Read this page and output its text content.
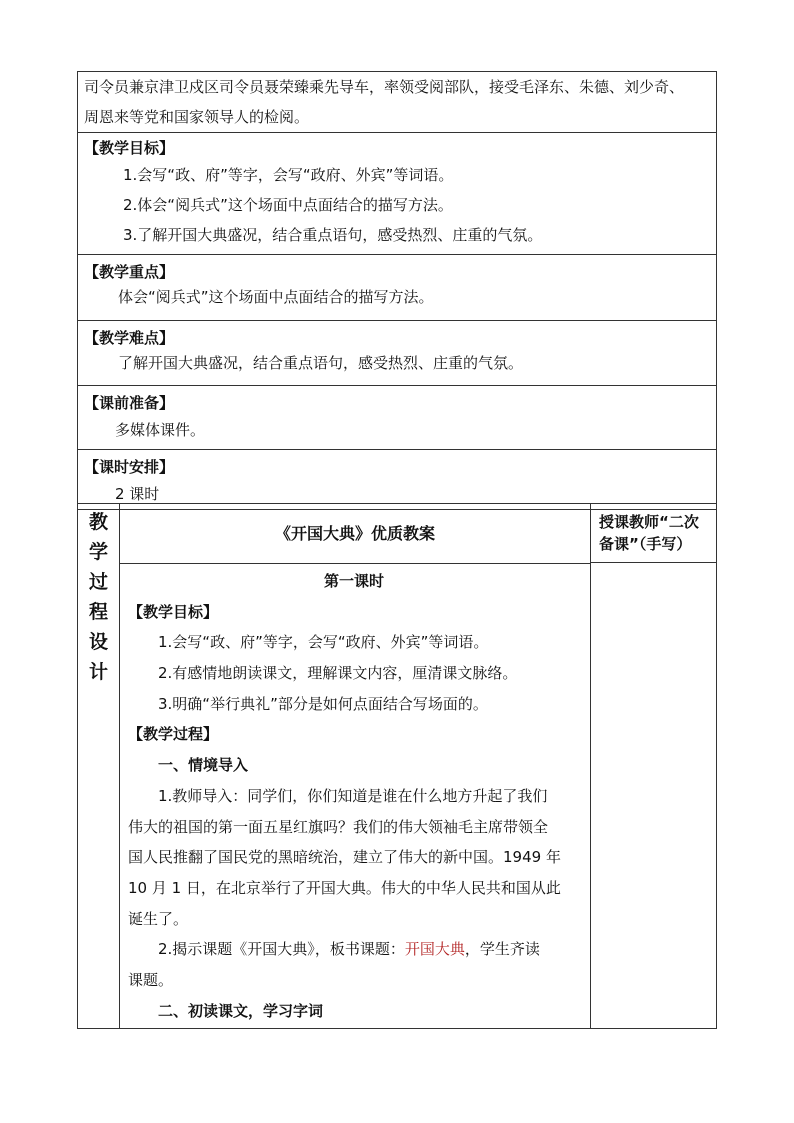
司令员兼京津卫戍区司令员聂荣臻乘先导车，率领受阅部队，接受毛泽东、朱德、刘少奇、
周恩来等党和国家领导人的检阅。
【教学目标】
1.会写“政、府”等字，会写“政府、外宾”等词语。
2.体会“阅兵式”这个场面中点面结合的描写方法。
3.了解开国大典盛况，结合重点语句，感受热烈、庄重的气氛。
【教学重点】
体会“阅兵式”这个场面中点面结合的描写方法。
【教学难点】
了解开国大典盛况，结合重点语句，感受热烈、庄重的气氛。
【课前准备】
多媒体课件。
【课时安排】
2 课时
教
学
过
程
设
计
《开国大典》优质教案
第一课时
【教学目标】
1.会写“政、府”等字，会写“政府、外宾”等词语。
2.有感情地朗读课文，理解课文内容，厘清课文脉络。
3.明确“举行典礼”部分是如何点面结合写场面的。
【教学过程】
一、情境导入
1.教师导入：同学们，你们知道是谁在什么地方升起了我们
伟大的祖国的第一面五星红旗吗？我们的伟大领袖毛主席带领全
国人民推翻了国民党的黑暗统治，建立了伟大的新中国。1949 年
10 月 1 日，在北京举行了开国大典。伟大的中华人民共和国从此
诞生了。
2.揭示课题《开国大典》，板书课题：开国大典，学生齐读
课题。
二、初读课文，学习字词
授课教师“二次备课”（手写）
